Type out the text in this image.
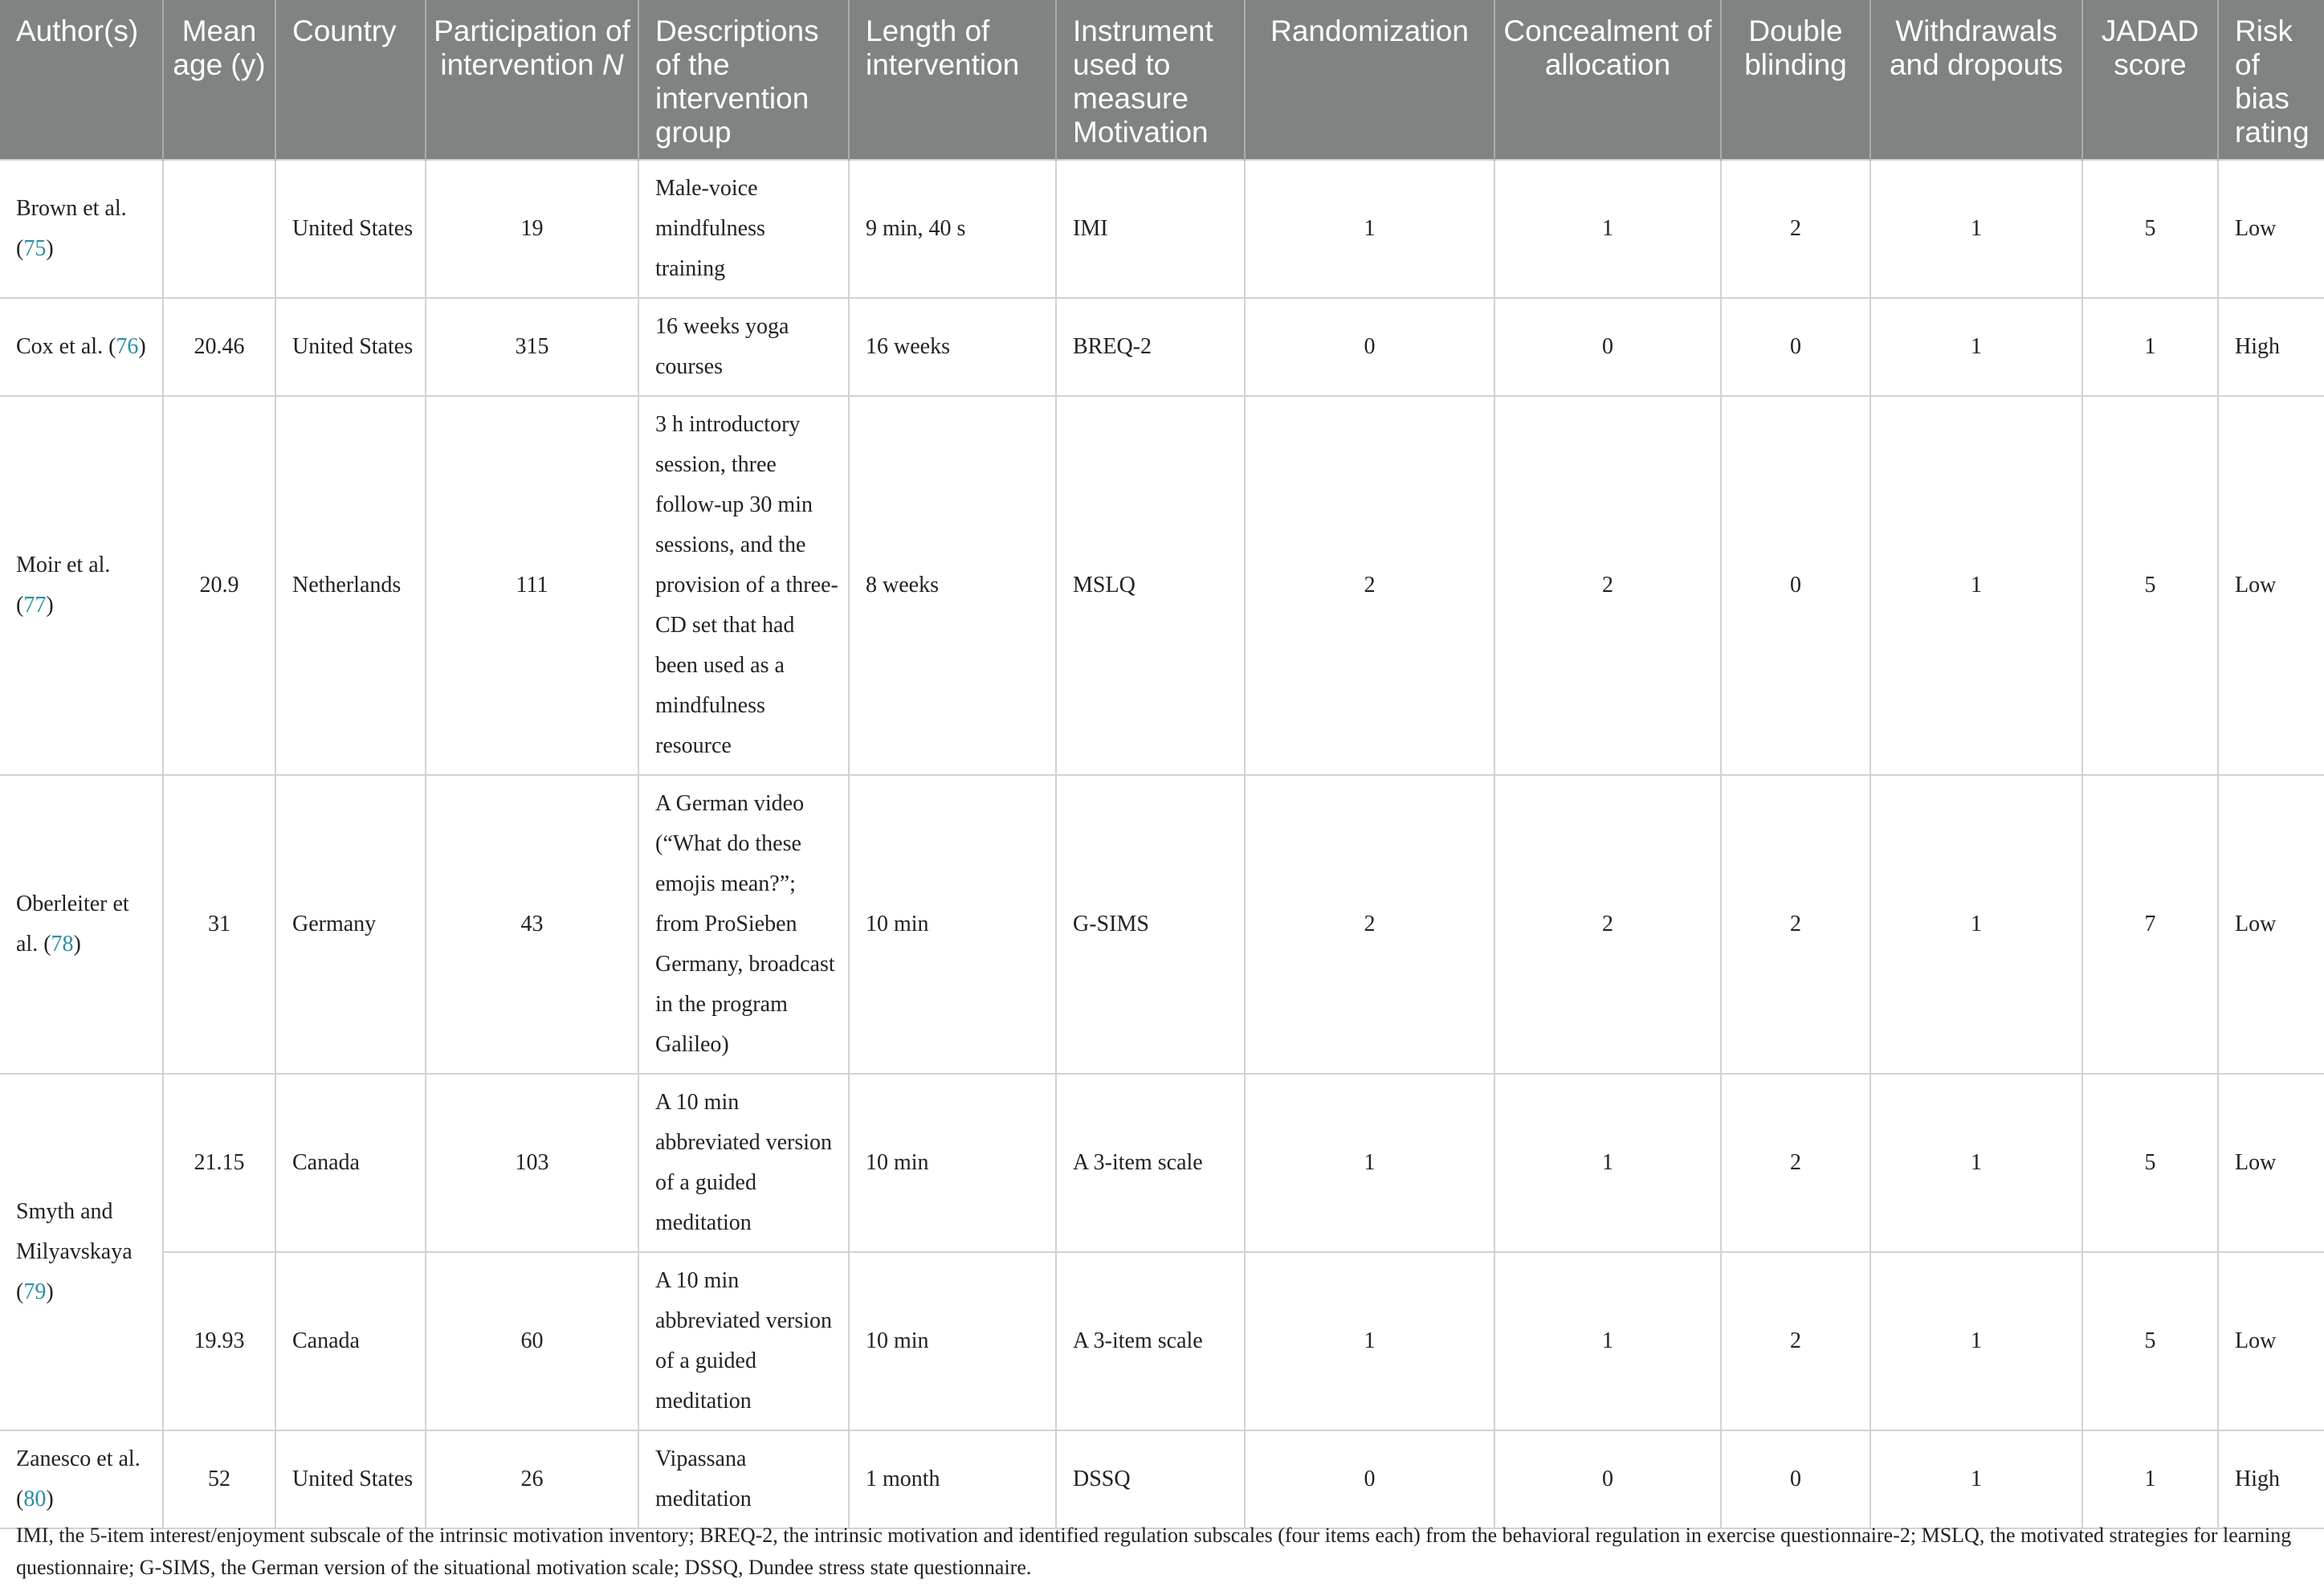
Author(s)	Mean age (y)	Country	Participation of intervention N	Descriptions of the intervention group	Length of intervention	Instrument used to measure Motivation	Randomization	Concealment of allocation	Double blinding	Withdrawals and dropouts	JADAD score	Risk of bias rating
Brown et al. (75)		United States	19	Male-voice mindfulness training	9 min, 40 s	IMI	1	1	2	1	5	Low
Cox et al. (76)	20.46	United States	315	16 weeks yoga courses	16 weeks	BREQ-2	0	0	0	1	1	High
Moir et al. (77)	20.9	Netherlands	111	3 h introductory session, three follow-up 30 min sessions, and the provision of a three-CD set that had been used as a mindfulness resource	8 weeks	MSLQ	2	2	0	1	5	Low
Oberleiter et al. (78)	31	Germany	43	A German video (“What do these emojis mean?”; from ProSieben Germany, broadcast in the program Galileo)	10 min	G-SIMS	2	2	2	1	7	Low
Smyth and Milyavskaya (79)	21.15	Canada	103	A 10 min abbreviated version of a guided meditation	10 min	A 3-item scale	1	1	2	1	5	Low
	19.93	Canada	60	A 10 min abbreviated version of a guided meditation	10 min	A 3-item scale	1	1	2	1	5	Low
Zanesco et al. (80)	52	United States	26	Vipassana meditation	1 month	DSSQ	0	0	0	1	1	High
IMI, the 5-item interest/enjoyment subscale of the intrinsic motivation inventory; BREQ-2, the intrinsic motivation and identified regulation subscales (four items each) from the behavioral regulation in exercise questionnaire-2; MSLQ, the motivated strategies for learning questionnaire; G-SIMS, the German version of the situational motivation scale; DSSQ, Dundee stress state questionnaire.
